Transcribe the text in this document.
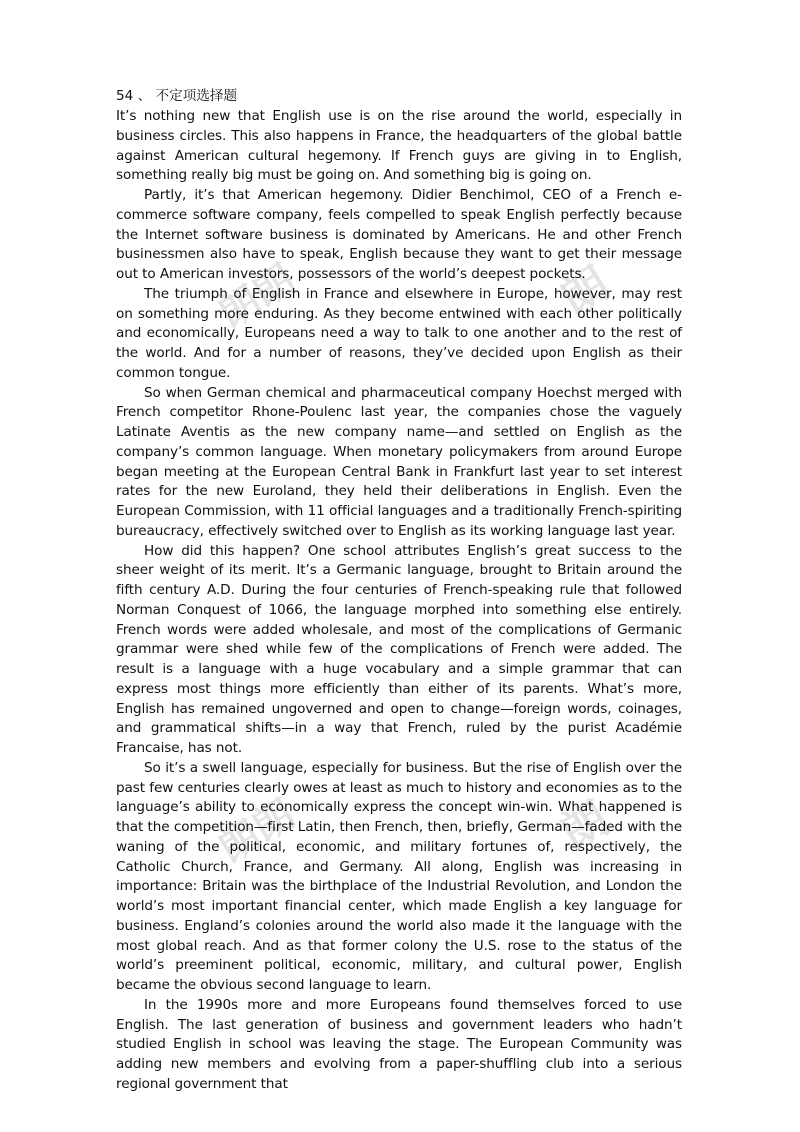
朗朗	朗
朗朗	朗
54 、 不定项选择题

It’s nothing new that English use is on the rise around the world, especially in business circles. This also happens in France, the headquarters of the global battle against American cultural hegemony. If French guys are giving in to English, something really big must be going on. And something big is going on.

Partly, it’s that American hegemony. Didier Benchimol, CEO of a French e-commerce software company, feels compelled to speak English perfectly because the Internet software business is dominated by Americans. He and other French businessmen also have to speak, English because they want to get their message out to American investors, possessors of the world’s deepest pockets.

The triumph of English in France and elsewhere in Europe, however, may rest on something more enduring. As they become entwined with each other politically and economically, Europeans need a way to talk to one another and to the rest of the world. And for a number of reasons, they’ve decided upon English as their common tongue.

So when German chemical and pharmaceutical company Hoechst merged with French competitor Rhone-Poulenc last year, the companies chose the vaguely Latinate Aventis as the new company name—and settled on English as the company’s common language. When monetary policymakers from around Europe began meeting at the European Central Bank in Frankfurt last year to set interest rates for the new Euroland, they held their deliberations in English. Even the European Commission, with 11 official languages and a traditionally French-spiriting bureaucracy, effectively switched over to English as its working language last year.

How did this happen? One school attributes English’s great success to the sheer weight of its merit. It’s a Germanic language, brought to Britain around the fifth century A.D. During the four centuries of French-speaking rule that followed Norman Conquest of 1066, the language morphed into something else entirely. French words were added wholesale, and most of the complications of Germanic grammar were shed while few of the complications of French were added. The result is a language with a huge vocabulary and a simple grammar that can express most things more efficiently than either of its parents. What’s more, English has remained ungoverned and open to change—foreign words, coinages, and grammatical shifts—in a way that French, ruled by the purist Académie Francaise, has not.

So it’s a swell language, especially for business. But the rise of English over the past few centuries clearly owes at least as much to history and economies as to the language’s ability to economically express the concept win-win. What happened is that the competition—first Latin, then French, then, briefly, German—faded with the waning of the political, economic, and military fortunes of, respectively, the Catholic Church, France, and Germany. All along, English was increasing in importance: Britain was the birthplace of the Industrial Revolution, and London the world’s most important financial center, which made English a key language for business. England’s colonies around the world also made it the language with the most global reach. And as that former colony the U.S. rose to the status of the world’s preeminent political, economic, military, and cultural power, English became the obvious second language to learn.

In the 1990s more and more Europeans found themselves forced to use English. The last generation of business and government leaders who hadn’t studied English in school was leaving the stage. The European Community was adding new members and evolving from a paper-shuffling club into a serious regional government that
